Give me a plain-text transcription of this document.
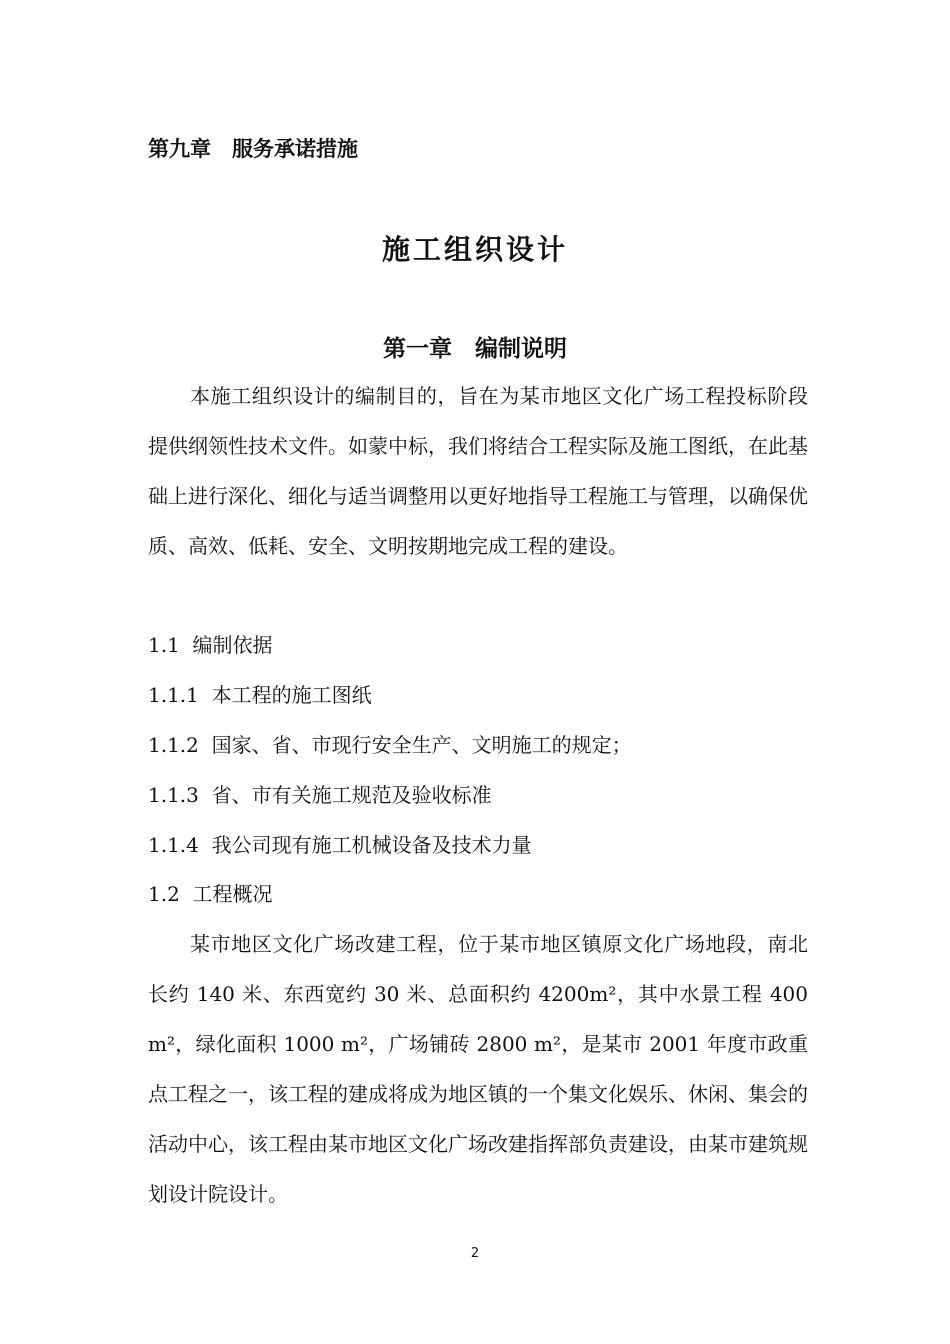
第九章　服务承诺措施
施工组织设计
第一章　编制说明

本施工组织设计的编制目的，旨在为某市地区文化广场工程投标阶段提供纲领性技术文件。如蒙中标，我们将结合工程实际及施工图纸，在此基础上进行深化、细化与适当调整用以更好地指导工程施工与管理，以确保优质、高效、低耗、安全、文明按期地完成工程的建设。

1.1  编制依据

1.1.1  本工程的施工图纸

1.1.2  国家、省、市现行安全生产、文明施工的规定；

1.1.3  省、市有关施工规范及验收标准

1.1.4  我公司现有施工机械设备及技术力量

1.2  工程概况

某市地区文化广场改建工程，位于某市地区镇原文化广场地段，南北长约 140 米、东西宽约 30 米、总面积约 4200m²，其中水景工程 400 m²，绿化面积 1000 m²，广场铺砖 2800 m²，是某市 2001 年度市政重点工程之一，该工程的建成将成为地区镇的一个集文化娱乐、休闲、集会的活动中心，该工程由某市地区文化广场改建指挥部负责建设，由某市建筑规划设计院设计。

2
